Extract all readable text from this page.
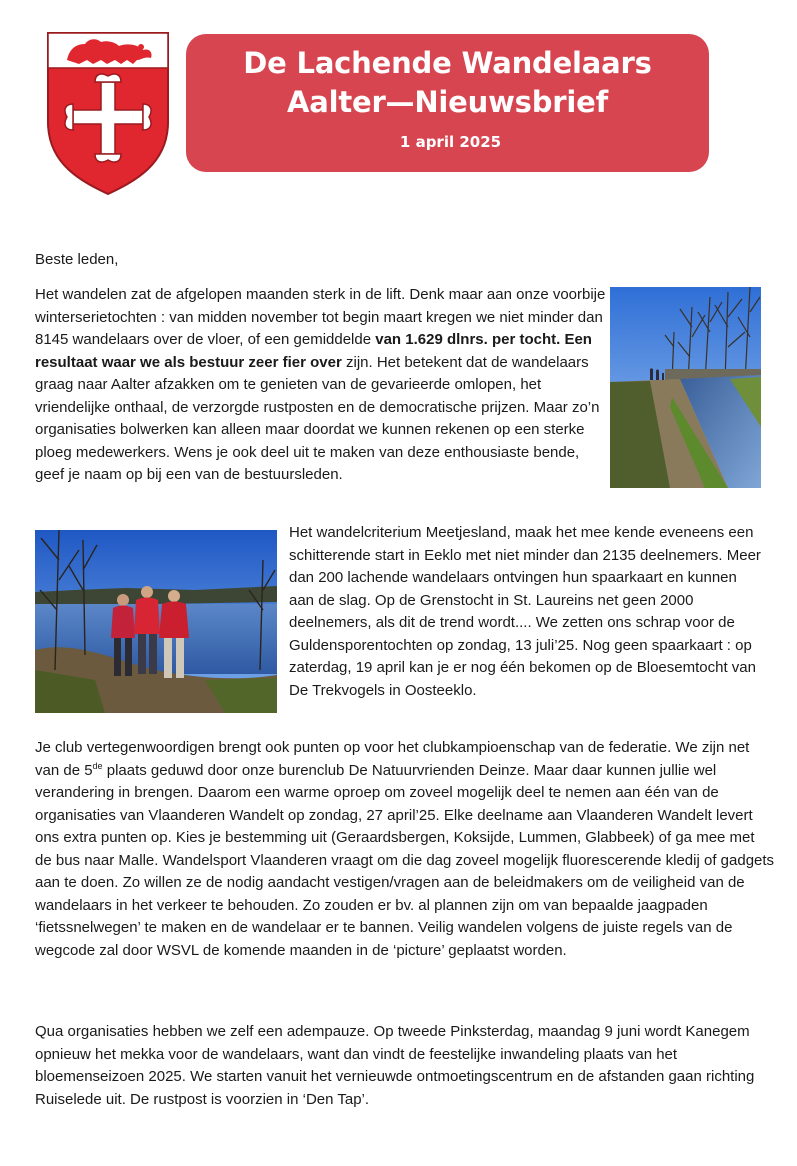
De Lachende Wandelaars
Aalter—Nieuwsbrief
1 april 2025

Beste leden,

Het wandelen zat de afgelopen maanden sterk in de lift. Denk maar aan onze voorbije winterserietochten : van midden november tot begin maart kregen we niet minder dan 8145 wandelaars over de vloer, of een gemiddelde van 1.629 dlnrs. per tocht. Een resultaat waar we als bestuur zeer fier over zijn. Het betekent dat de wandelaars graag naar Aalter afzakken om te genieten van de gevarieerde omlopen, het vriendelijke onthaal, de verzorgde rustposten en de democratische prijzen. Maar zo’n organisaties bolwerken kan alleen maar doordat we kunnen rekenen op een sterke ploeg medewerkers. Wens je ook deel uit te maken van deze enthousiaste bende, geef je naam op bij een van de bestuursleden.

Het wandelcriterium Meetjesland, maak het mee kende eveneens een schitterende start in Eeklo met niet minder dan 2135 deelnemers. Meer dan 200 lachende wandelaars ontvingen hun spaarkaart en kunnen aan de slag. Op de Grenstocht in St. Laureins net geen 2000 deelnemers, als dit de trend wordt.... We zetten ons schrap voor de Guldensporentochten op zondag, 13 juli’25. Nog geen spaarkaart : op zaterdag, 19 april kan je er nog één bekomen op de Bloesemtocht van De Trekvogels in Oosteeklo.

Je club vertegenwoordigen brengt ook punten op voor het clubkampioenschap van de federatie. We zijn net van de 5de plaats geduwd door onze burenclub De Natuurvrienden Deinze. Maar daar kunnen jullie wel verandering in brengen. Daarom een warme oproep om zoveel mogelijk deel te nemen aan één van de organisaties van Vlaanderen Wandelt op zondag, 27 april’25. Elke deelname aan Vlaanderen Wandelt levert ons extra punten op. Kies je bestemming uit (Geraardsbergen, Koksijde, Lummen, Glabbeek) of ga mee met de bus naar Malle. Wandelsport Vlaanderen vraagt om die dag zoveel mogelijk fluorescerende kledij of gadgets aan te doen. Zo willen ze de nodig aandacht vestigen/vragen aan de beleidmakers om de veiligheid van de wandelaars in het verkeer te behouden. Zo zouden er bv. al plannen zijn om van bepaalde jaagpaden ‘fietssnelwegen’ te maken en de wandelaar er te bannen. Veilig wandelen volgens de juiste regels van de wegcode zal door WSVL de komende maanden in de ‘picture’ geplaatst worden.

Qua organisaties hebben we zelf een adempauze. Op tweede Pinksterdag, maandag 9 juni wordt Kanegem opnieuw het mekka voor de wandelaars, want dan vindt de feestelijke inwandeling plaats van het bloemenseizoen 2025. We starten vanuit het vernieuwde ontmoetingscentrum en de afstanden gaan richting Ruiselede uit. De rustpost is voorzien in ‘Den Tap’.
